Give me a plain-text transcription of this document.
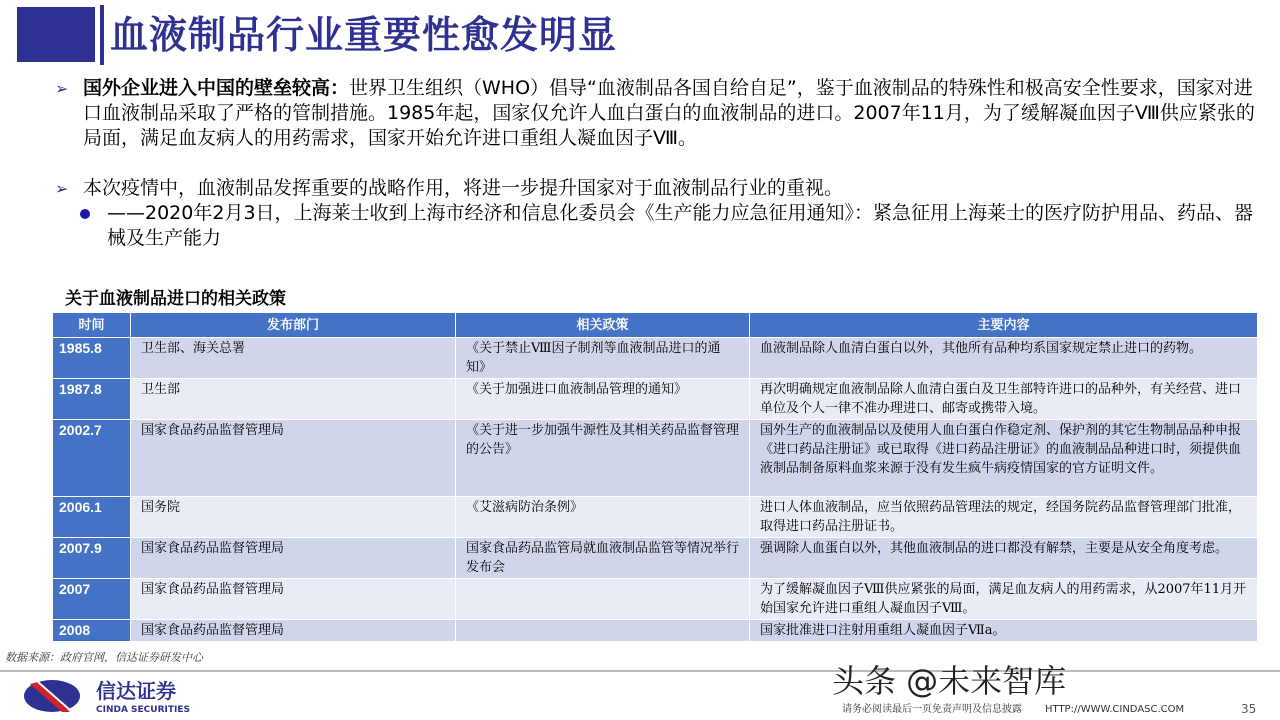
血液制品行业重要性愈发明显
➢ 国外企业进入中国的壁垒较高：世界卫生组织（WHO）倡导“血液制品各国自给自足”，鉴于血液制品的特殊性和极高安全性要求，国家对进口血液制品采取了严格的管制措施。1985年起，国家仅允许人血白蛋白的血液制品的进口。2007年11月，为了缓解凝血因子Ⅷ供应紧张的局面，满足血友病人的用药需求，国家开始允许进口重组人凝血因子Ⅷ。
➢ 本次疫情中，血液制品发挥重要的战略作用，将进一步提升国家对于血液制品行业的重视。
——2020年2月3日，上海莱士收到上海市经济和信息化委员会《生产能力应急征用通知》：紧急征用上海莱士的医疗防护用品、药品、器械及生产能力
关于血液制品进口的相关政策
时间	发布部门	相关政策	主要内容
1985.8	卫生部、海关总署	《关于禁止Ⅷ因子制剂等血液制品进口的通知》	血液制品除人血清白蛋白以外，其他所有品种均系国家规定禁止进口的药物。
1987.8	卫生部	《关于加强进口血液制品管理的通知》	再次明确规定血液制品除人血清白蛋白及卫生部特许进口的品种外，有关经营、进口单位及个人一律不准办理进口、邮寄或携带入境。
2002.7	国家食品药品监督管理局	《关于进一步加强牛源性及其相关药品监督管理的公告》	国外生产的血液制品以及使用人血白蛋白作稳定剂、保护剂的其它生物制品品种申报《进口药品注册证》或已取得《进口药品注册证》的血液制品品种进口时，须提供血液制品制备原料血浆来源于没有发生疯牛病疫情国家的官方证明文件。
2006.1	国务院	《艾滋病防治条例》	进口人体血液制品，应当依照药品管理法的规定，经国务院药品监督管理部门批准，取得进口药品注册证书。
2007.9	国家食品药品监督管理局	国家食品药品监管局就血液制品监管等情况举行发布会	强调除人血蛋白以外，其他血液制品的进口都没有解禁，主要是从安全角度考虑。
2007	国家食品药品监督管理局		为了缓解凝血因子Ⅷ供应紧张的局面，满足血友病人的用药需求，从2007年11月开始国家允许进口重组人凝血因子Ⅷ。
2008	国家食品药品监督管理局		国家批准进口注射用重组人凝血因子Ⅶa。
数据来源：政府官网，信达证券研发中心
信达证券
CINDA SECURITIES
头条 @未来智库
请务必阅读最后一页免责声明及信息披露 HTTP://WWW.CINDASC.COM	35
